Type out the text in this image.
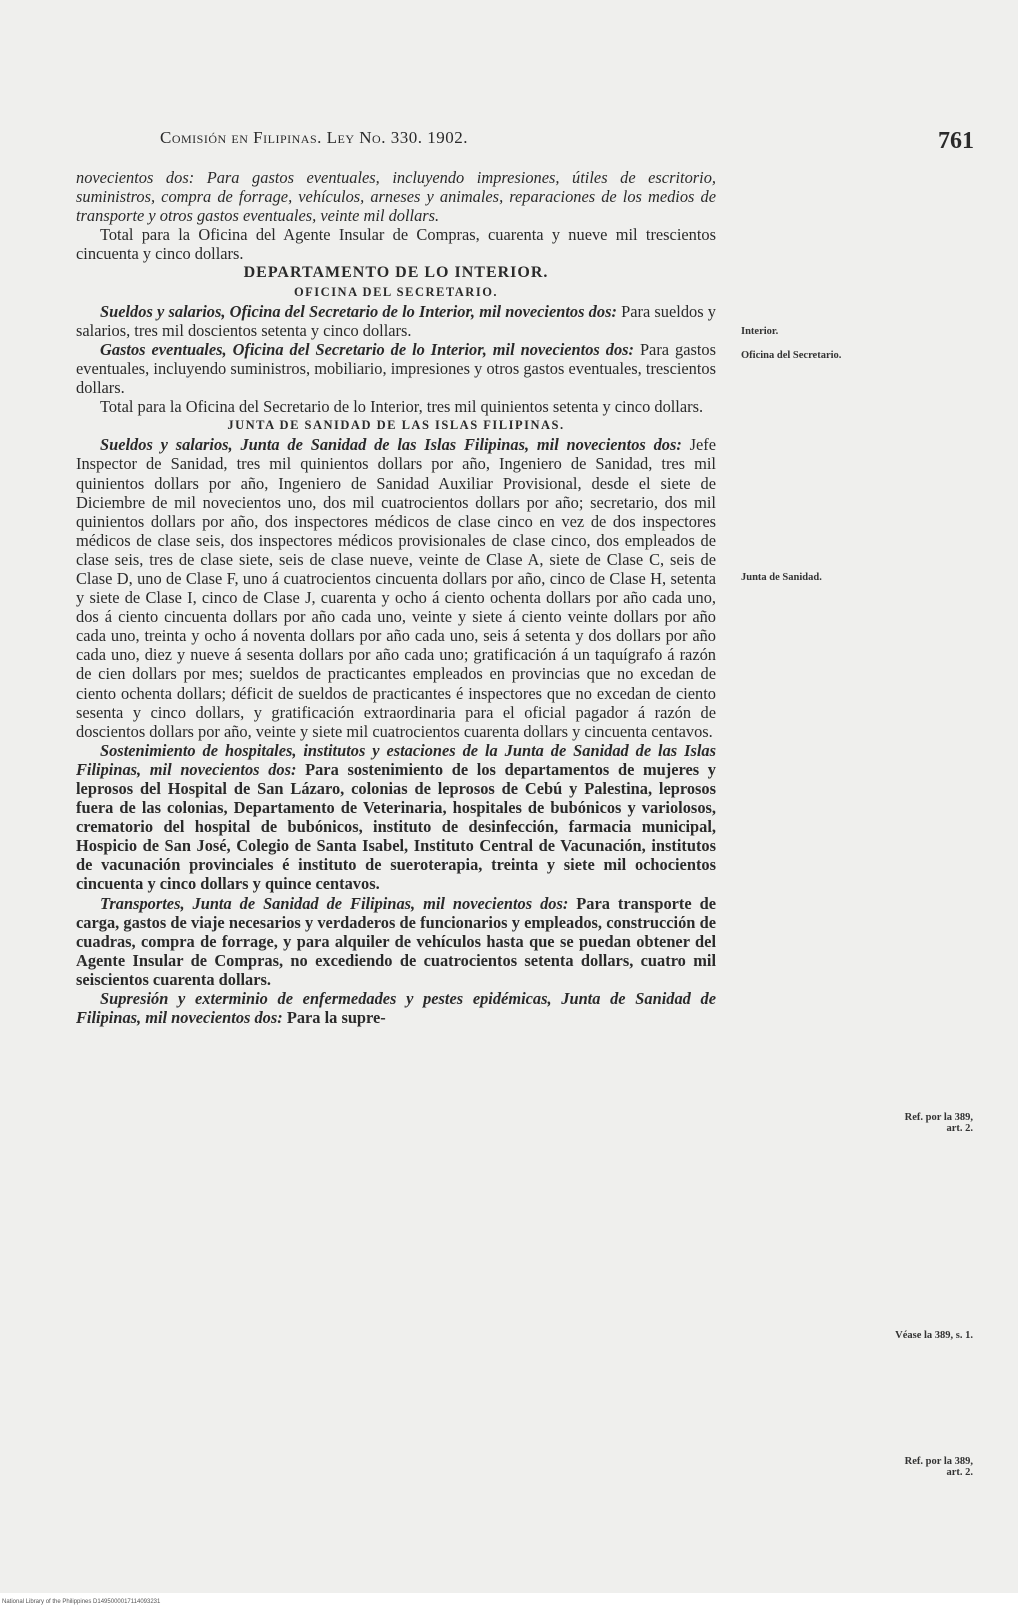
Comisión en Filipinas. Ley No. 330. 1902.	761

novecientos dos: Para gastos eventuales, incluyendo impresiones, útiles de escritorio, suministros, compra de forrage, vehículos, arneses y animales, reparaciones de los medios de transporte y otros gastos eventuales, veinte mil dollars.

Total para la Oficina del Agente Insular de Compras, cuarenta y nueve mil trescientos cincuenta y cinco dollars.

DEPARTAMENTO DE LO INTERIOR.

OFICINA DEL SECRETARIO.

Sueldos y salarios, Oficina del Secretario de lo Interior, mil novecientos dos: Para sueldos y salarios, tres mil doscientos setenta y cinco dollars.

Gastos eventuales, Oficina del Secretario de lo Interior, mil novecientos dos: Para gastos eventuales, incluyendo suministros, mobiliario, impresiones y otros gastos eventuales, trescientos dollars.

Total para la Oficina del Secretario de lo Interior, tres mil quinientos setenta y cinco dollars.

JUNTA DE SANIDAD DE LAS ISLAS FILIPINAS.

Sueldos y salarios, Junta de Sanidad de las Islas Filipinas, mil novecientos dos: Jefe Inspector de Sanidad, tres mil quinientos dollars por año, Ingeniero de Sanidad, tres mil quinientos dollars por año, Ingeniero de Sanidad Auxiliar Provisional, desde el siete de Diciembre de mil novecientos uno, dos mil cuatrocientos dollars por año; secretario, dos mil quinientos dollars por año, dos inspectores médicos de clase cinco en vez de dos inspectores médicos de clase seis, dos inspectores médicos provisionales de clase cinco, dos empleados de clase seis, tres de clase siete, seis de clase nueve, veinte de Clase A, siete de Clase C, seis de Clase D, uno de Clase F, uno á cuatrocientos cincuenta dollars por año, cinco de Clase H, setenta y siete de Clase I, cinco de Clase J, cuarenta y ocho á ciento ochenta dollars por año cada uno, dos á ciento cincuenta dollars por año cada uno, veinte y siete á ciento veinte dollars por año cada uno, treinta y ocho á noventa dollars por año cada uno, seis á setenta y dos dollars por año cada uno, diez y nueve á sesenta dollars por año cada uno; gratificación á un taquígrafo á razón de cien dollars por mes; sueldos de practicantes empleados en provincias que no excedan de ciento ochenta dollars; déficit de sueldos de practicantes é inspectores que no excedan de ciento sesenta y cinco dollars, y gratificación extraordinaria para el oficial pagador á razón de doscientos dollars por año, veinte y siete mil cuatrocientos cuarenta dollars y cincuenta centavos.

Sostenimiento de hospitales, institutos y estaciones de la Junta de Sanidad de las Islas Filipinas, mil novecientos dos: Para sostenimiento de los departamentos de mujeres y leprosos del Hospital de San Lázaro, colonias de leprosos de Cebú y Palestina, leprosos fuera de las colonias, Departamento de Veterinaria, hospitales de bubónicos y variolosos, crematorio del hospital de bubónicos, instituto de desinfección, farmacia municipal, Hospicio de San José, Colegio de Santa Isabel, Instituto Central de Vacunación, institutos de vacunación provinciales é instituto de sueroterapia, treinta y siete mil ochocientos cincuenta y cinco dollars y quince centavos.

Transportes, Junta de Sanidad de Filipinas, mil novecientos dos: Para transporte de carga, gastos de viaje necesarios y verdaderos de funcionarios y empleados, construcción de cuadras, compra de forrage, y para alquiler de vehículos hasta que se puedan obtener del Agente Insular de Compras, no excediendo de cuatrocientos setenta dollars, cuatro mil seiscientos cuarenta dollars.

Supresión y exterminio de enfermedades y pestes epidémicas, Junta de Sanidad de Filipinas, mil novecientos dos: Para la supre-

Interior.
Oficina del Secretario.
Junta de Sanidad.
Ref. por la 389, art. 2.
Véase la 389, s. 1.
Ref. por la 389, art. 2.
National Library of the Philippines D1495000017114093231
